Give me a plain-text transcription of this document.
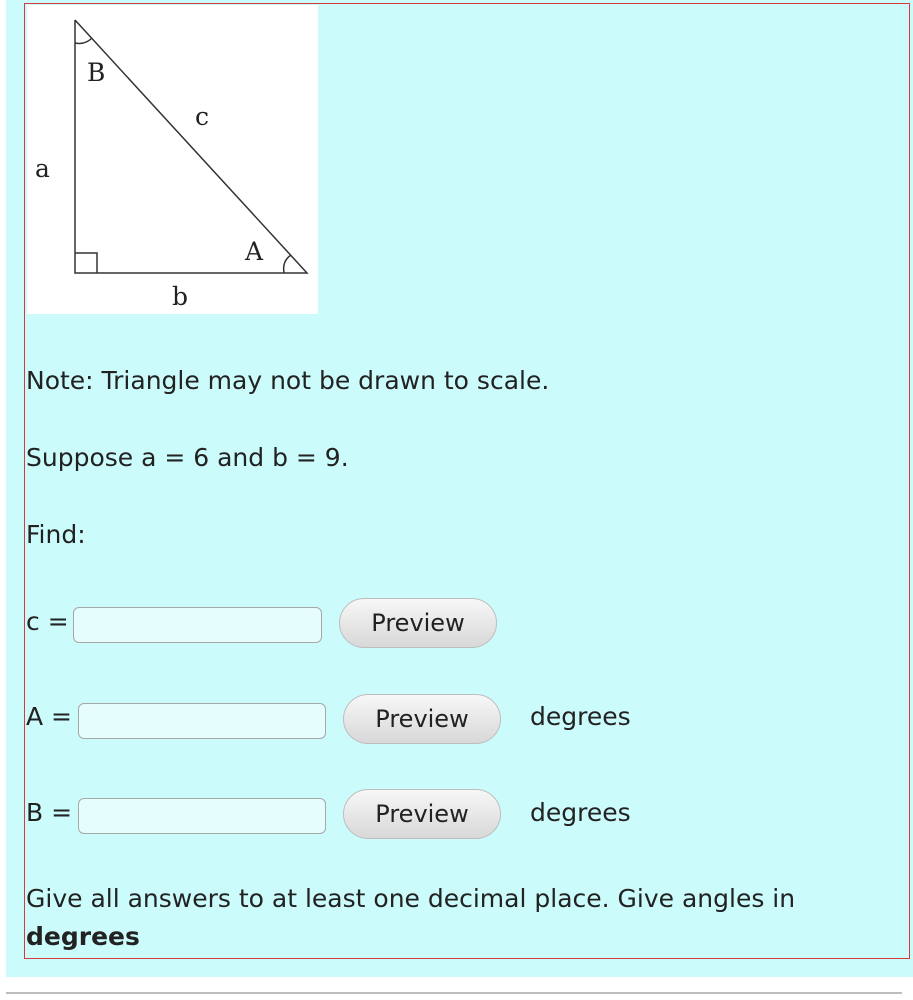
B
c
a
A
b
Note: Triangle may not be drawn to scale.
Suppose a = 6 and b = 9.
Find:
c =	Preview
A =	Preview	degrees
B =	Preview	degrees
Give all answers to at least one decimal place. Give angles in
degrees
